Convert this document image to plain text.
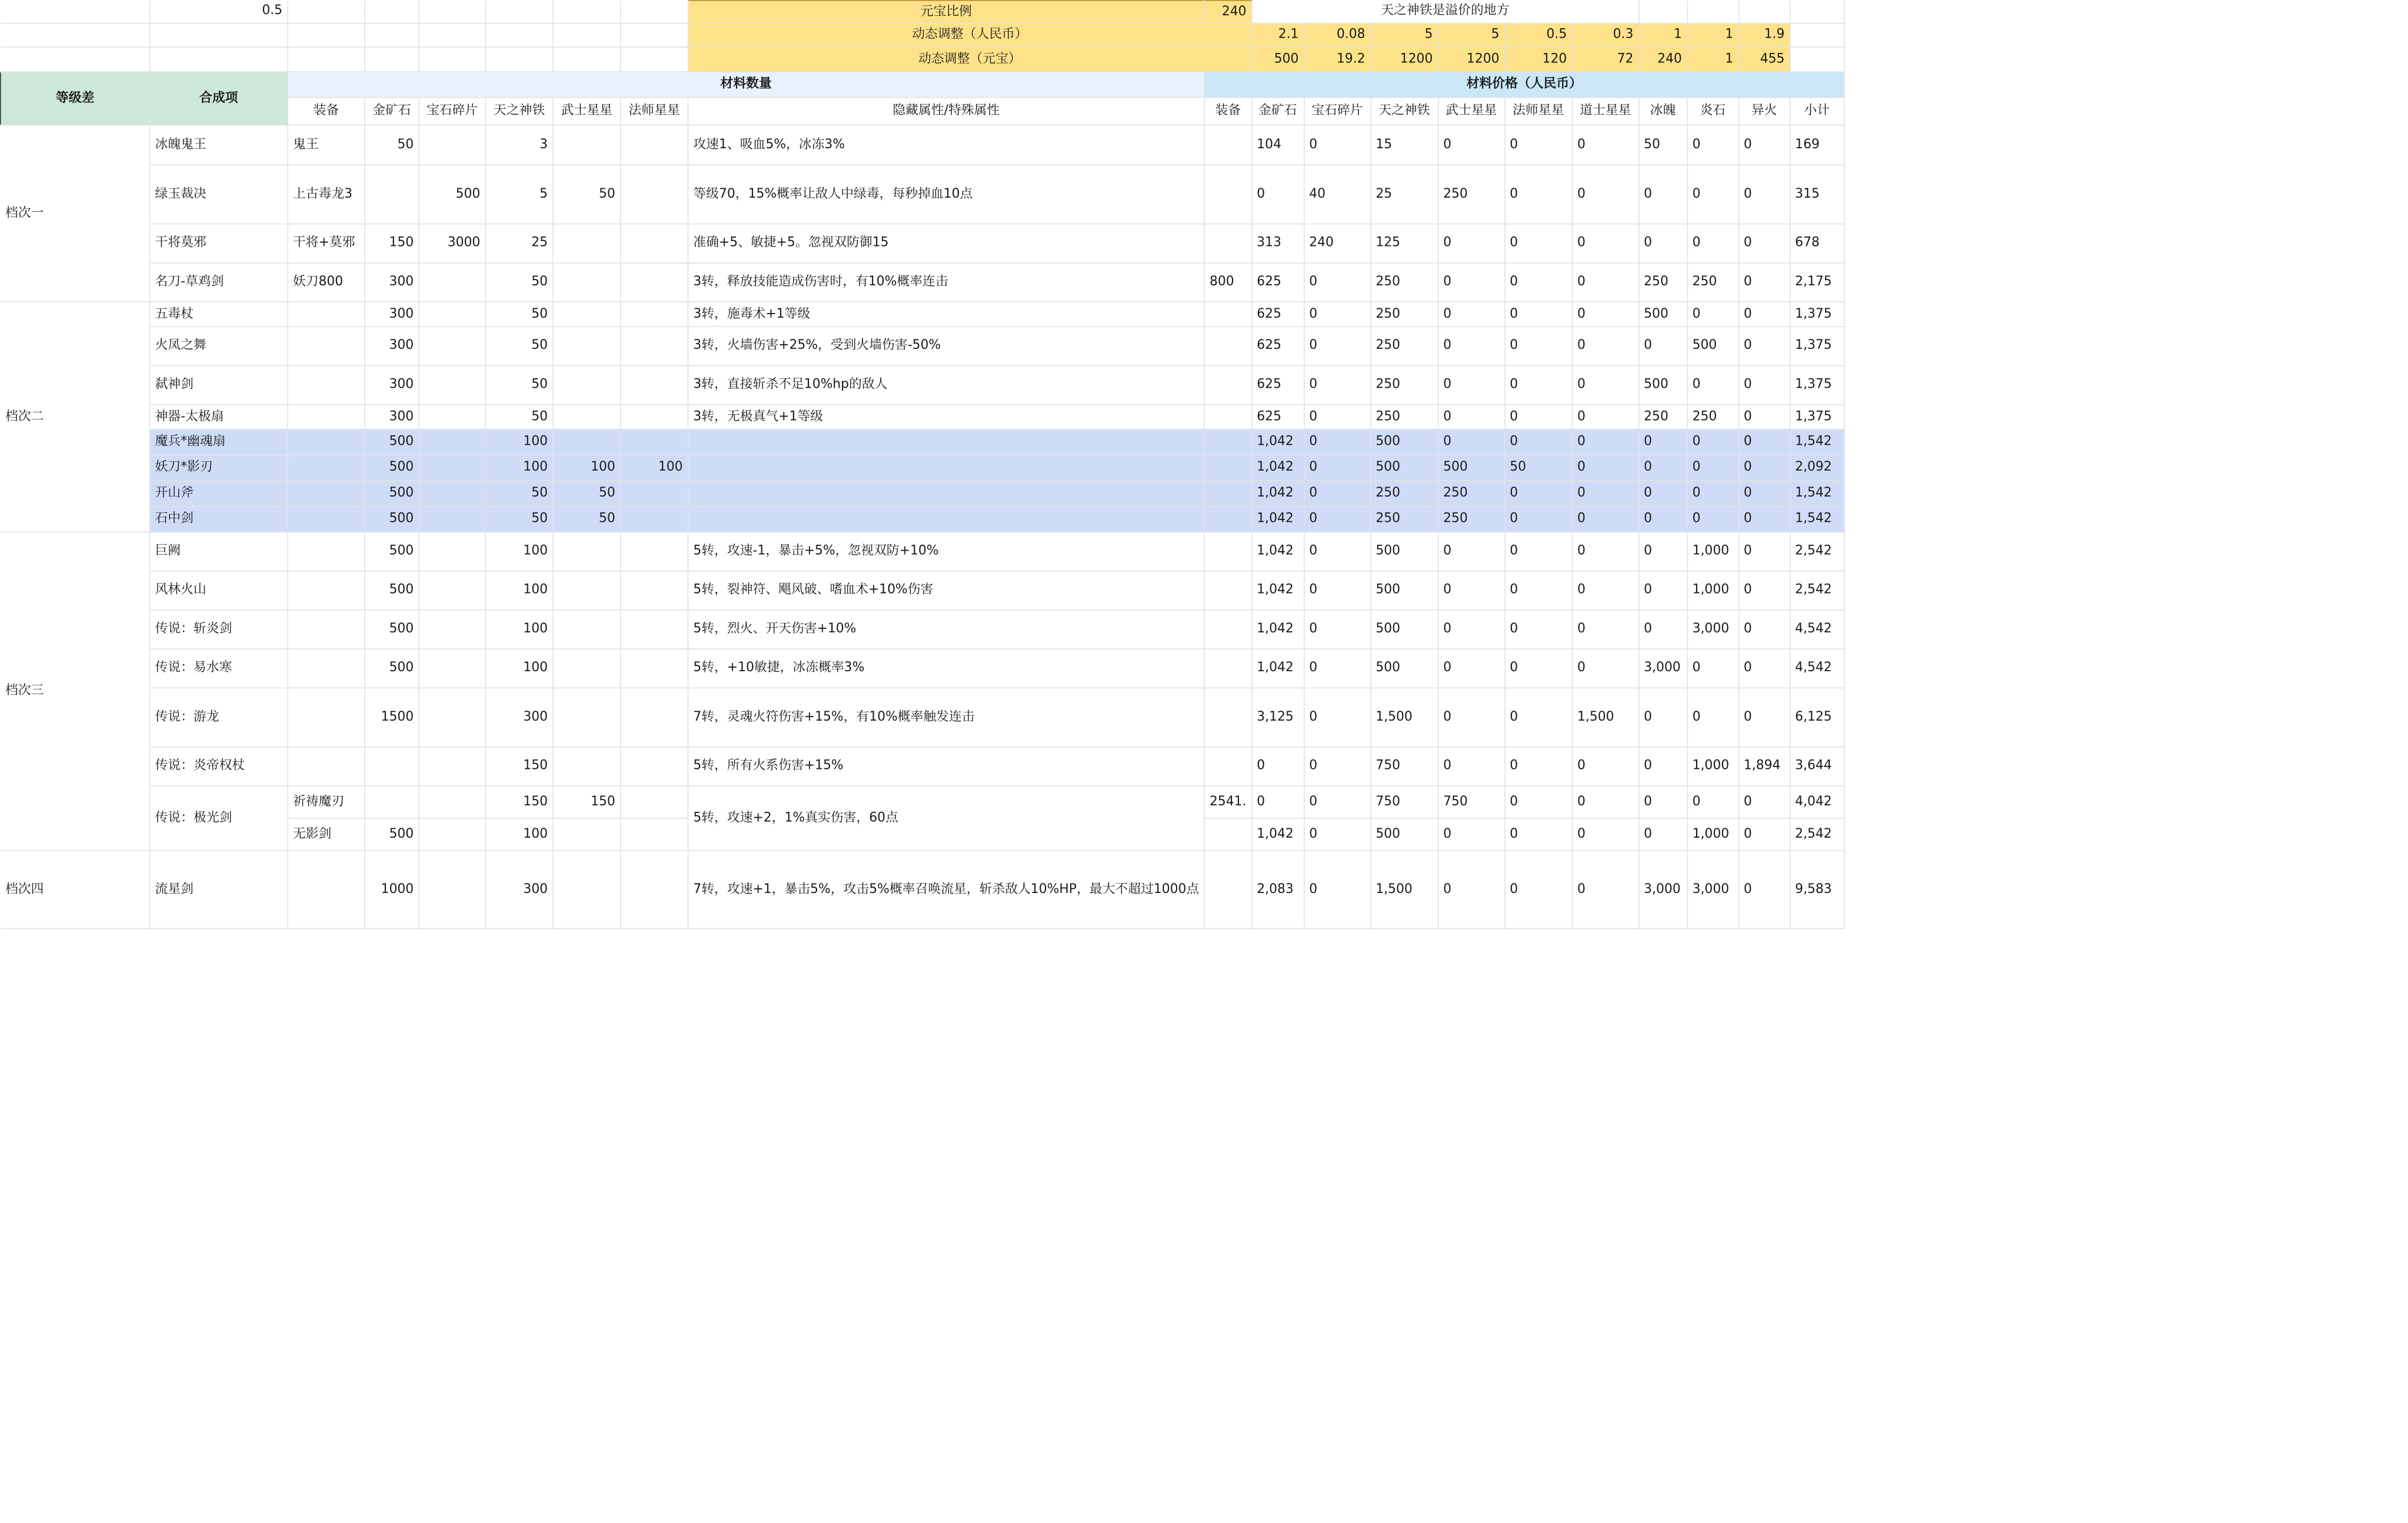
	0.5							元宝比例	240	天之神铁是溢价的地方									
								动态调整（人民币）		2.1	0.08	5	5	0.5	0.3	1	1	1.9	
								动态调整（元宝）		500	19.2	1200	1200	120	72	240	1	455	
等级差	合成项	材料数量							材料价格（人民币）										
		装备	金矿石	宝石碎片	天之神铁	武士星星	法师星星	隐藏属性/特殊属性	装备	金矿石	宝石碎片	天之神铁	武士星星	法师星星	道士星星	冰魄	炎石	异火	小计
档次一	冰魄鬼王	鬼王	50		3			攻速1、吸血5%，冰冻3%		104	0	15	0	0	0	50	0	0	169
	绿玉裁决	上古毒龙3		500	5	50		等级70，15%概率让敌人中绿毒，每秒掉血10点		0	40	25	250	0	0	0	0	0	315
	干将莫邪	干将+莫邪	150	3000	25			准确+5、敏捷+5。忽视双防御15		313	240	125	0	0	0	0	0	0	678
	名刀-草鸡剑	妖刀800	300		50			3转，释放技能造成伤害时，有10%概率连击	800	625	0	250	0	0	0	250	250	0	2,175
档次二	五毒杖		300		50			3转，施毒术+1等级		625	0	250	0	0	0	500	0	0	1,375
	火凤之舞		300		50			3转，火墙伤害+25%，受到火墙伤害-50%		625	0	250	0	0	0	0	500	0	1,375
	弑神剑		300		50			3转，直接斩杀不足10%hp的敌人		625	0	250	0	0	0	500	0	0	1,375
	神器-太极扇		300		50			3转，无极真气+1等级		625	0	250	0	0	0	250	250	0	1,375
	魔兵*幽魂扇		500		100					1,042	0	500	0	0	0	0	0	0	1,542
	妖刀*影刃		500		100	100	100			1,042	0	500	500	50	0	0	0	0	2,092
	开山斧		500		50	50				1,042	0	250	250	0	0	0	0	0	1,542
	石中剑		500		50	50				1,042	0	250	250	0	0	0	0	0	1,542
档次三	巨阙		500		100			5转，攻速-1，暴击+5%，忽视双防+10%		1,042	0	500	0	0	0	0	1,000	0	2,542
	风林火山		500		100			5转，裂神符、飓风破、嗜血术+10%伤害		1,042	0	500	0	0	0	0	1,000	0	2,542
	传说：斩炎剑		500		100			5转，烈火、开天伤害+10%		1,042	0	500	0	0	0	0	3,000	0	4,542
	传说：易水寒		500		100			5转，+10敏捷，冰冻概率3%		1,042	0	500	0	0	0	3,000	0	0	4,542
	传说：游龙		1500		300			7转，灵魂火符伤害+15%，有10%概率触发连击		3,125	0	1,500	0	0	1,500	0	0	0	6,125
	传说：炎帝权杖				150			5转，所有火系伤害+15%		0	0	750	0	0	0	0	1,000	1,894	3,644
	传说：极光剑	祈祷魔刃			150	150		5转，攻速+2，1%真实伤害，60点	2541.	0	0	750	750	0	0	0	0	0	4,042
		无影剑	500		100					1,042	0	500	0	0	0	0	1,000	0	2,542
档次四	流星剑		1000		300			7转，攻速+1，暴击5%，攻击5%概率召唤流星，斩杀敌人10%HP，最大不超过1000点		2,083	0	1,500	0	0	0	3,000	3,000	0	9,583
